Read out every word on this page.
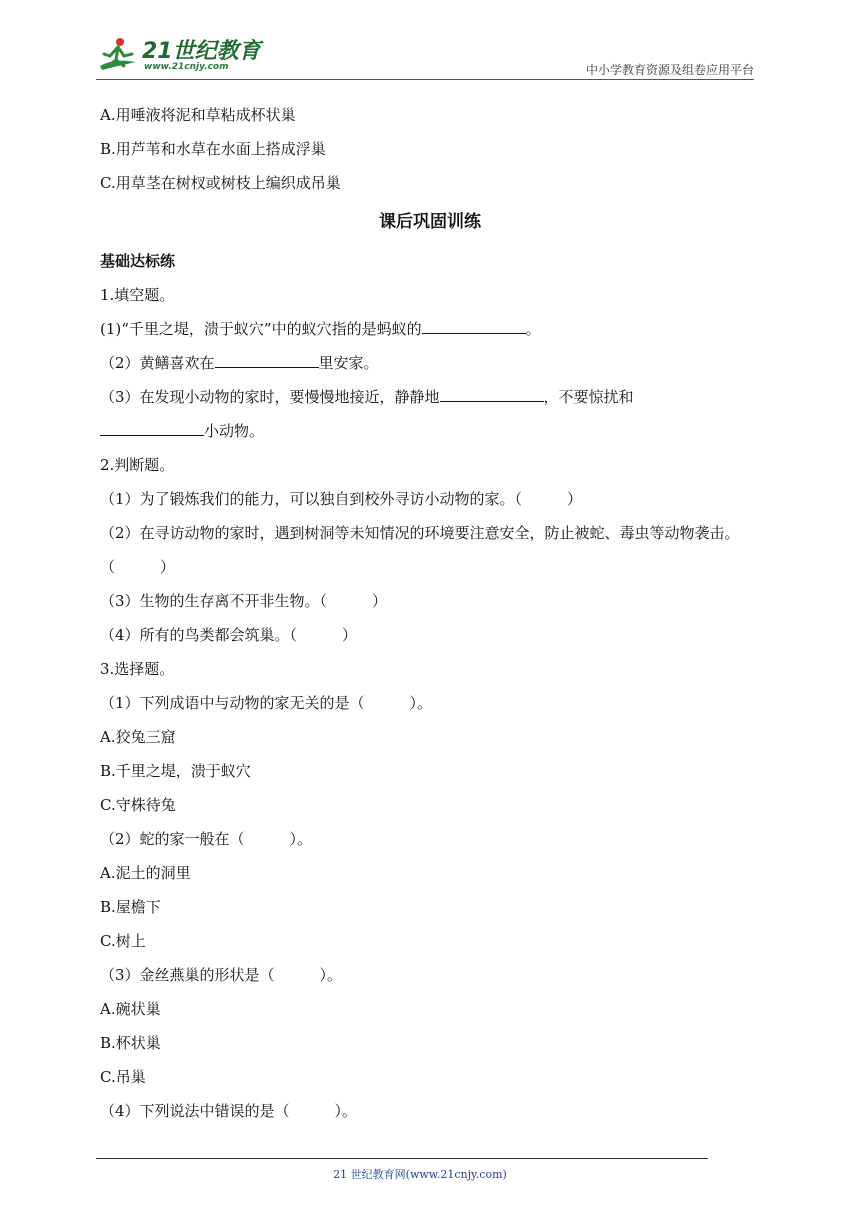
21世纪教育
www.21cnjy.com	中小学教育资源及组卷应用平台
A.用唾液将泥和草粘成杯状巢
B.用芦苇和水草在水面上搭成浮巢
C.用草茎在树杈或树枝上编织成吊巢
课后巩固训练
基础达标练
1.填空题。
(1)“千里之堤，溃于蚁穴”中的蚁穴指的是蚂蚁的	。
（2）黄鳝喜欢在	里安家。
（3）在发现小动物的家时，要慢慢地接近，静静地	，不要惊扰和
小动物。
2.判断题。
（1）为了锻炼我们的能力，可以独自到校外寻访小动物的家。（　　　）
（2）在寻访动物的家时，遇到树洞等未知情况的环境要注意安全，防止被蛇、毒虫等动物袭击。（　　　）
（3）生物的生存离不开非生物。（　　　）
（4）所有的鸟类都会筑巢。（　　　）
3.选择题。
（1）下列成语中与动物的家无关的是（　　　）。
A.狡兔三窟
B.千里之堤，溃于蚁穴
C.守株待兔
（2）蛇的家一般在（　　　）。
A.泥土的洞里
B.屋檐下
C.树上
（3）金丝燕巢的形状是（　　　）。
A.碗状巢
B.杯状巢
C.吊巢
（4）下列说法中错误的是（　　　）。
21 世纪教育网(www.21cnjy.com)
